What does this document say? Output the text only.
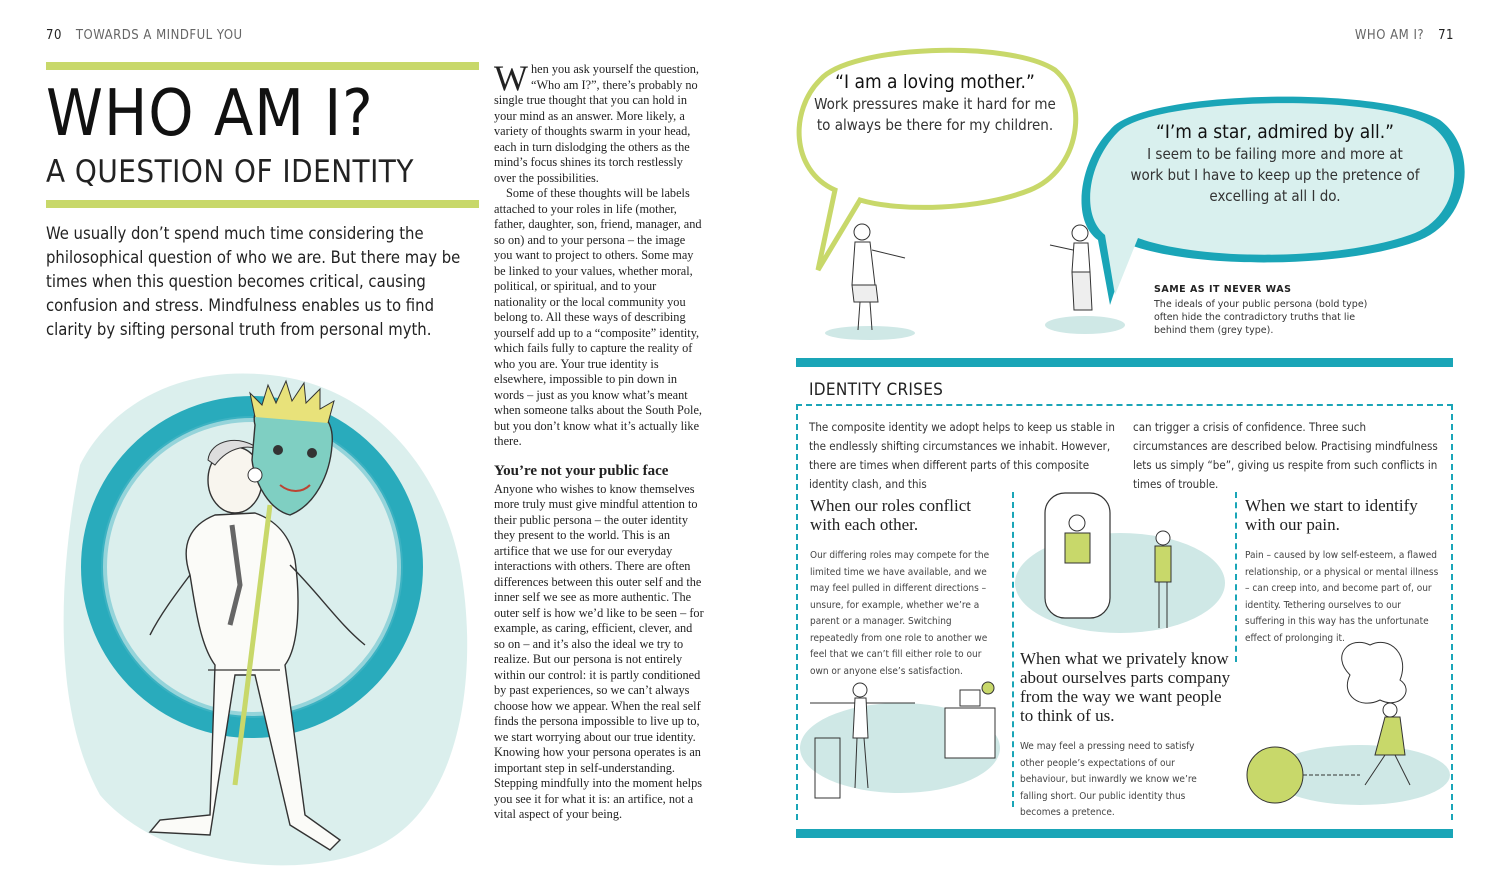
70 TOWARDS A MINDFUL YOU
WHO AM I?
A QUESTION OF IDENTITY
We usually don’t spend much time considering the philosophical question of who we are. But there may be times when this question becomes critical, causing confusion and stress. Mindfulness enables us to find clarity by sifting personal truth from personal myth.

When you ask yourself the question, “Who am I?”, there’s probably no single true thought that you can hold in your mind as an answer. More likely, a variety of thoughts swarm in your head, each in turn dislodging the others as the mind’s focus shines its torch restlessly over the possibilities.

Some of these thoughts will be labels attached to your roles in life (mother, father, daughter, son, friend, manager, and so on) and to your persona – the image you want to project to others. Some may be linked to your values, whether moral, political, or spiritual, and to your nationality or the local community you belong to. All these ways of describing yourself add up to a “composite” identity, which fails fully to capture the reality of who you are. Your true identity is elsewhere, impossible to pin down in words – just as you know what’s meant when someone talks about the South Pole, but you don’t know what it’s actually like there.

You’re not your public face

Anyone who wishes to know themselves more truly must give mindful attention to their public persona – the outer identity they present to the world. This is an artifice that we use for our everyday interactions with others. There are often differences between this outer self and the inner self we see as more authentic. The outer self is how we’d like to be seen – for example, as caring, efficient, clever, and so on – and it’s also the ideal we try to realize. But our persona is not entirely within our control: it is partly conditioned by past experiences, so we can’t always choose how we appear. When the real self finds the persona impossible to live up to, we start worrying about our true identity. Knowing how your persona operates is an important step in self-understanding. Stepping mindfully into the moment helps you see it for what it is: an artifice, not a vital aspect of your being.

WHO AM I? 71
“I am a loving mother.”
Work pressures make it hard for me to always be there for my children.	“I’m a star, admired by all.”
I seem to be failing more and more at work but I have to keep up the pretence of excelling at all I do.
SAME AS IT NEVER WAS
The ideals of your public persona (bold type) often hide the contradictory truths that lie behind them (grey type).
IDENTITY CRISES
The composite identity we adopt helps to keep us stable in the endlessly shifting circumstances we inhabit. However, there are times when different parts of this composite identity clash, and this
can trigger a crisis of confidence. Three such circumstances are described below. Practising mindfulness lets us simply “be”, giving us respite from such conflicts in times of trouble.
When our roles conflict with each other.
Our differing roles may compete for the limited time we have available, and we may feel pulled in different directions – unsure, for example, whether we’re a parent or a manager. Switching repeatedly from one role to another we feel that we can’t fill either role to our own or anyone else’s satisfaction.
When what we privately know about ourselves parts company from the way we want people to think of us.
We may feel a pressing need to satisfy other people’s expectations of our behaviour, but inwardly we know we’re falling short. Our public identity thus becomes a pretence.
When we start to identify with our pain.
Pain – caused by low self-esteem, a flawed relationship, or a physical or mental illness – can creep into, and become part of, our identity. Tethering ourselves to our suffering in this way has the unfortunate effect of prolonging it.
